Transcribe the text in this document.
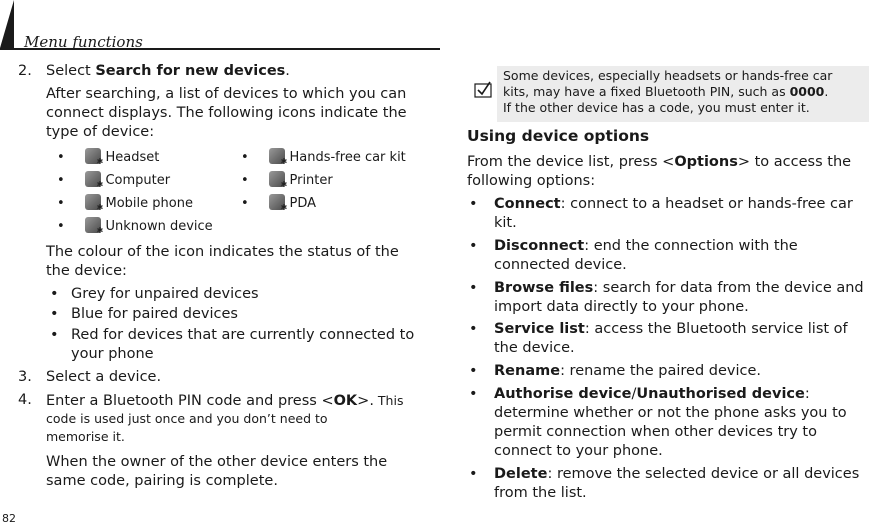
Menu functions
2. Select Search for new devices.
After searching, a list of devices to which you can
connect displays. The following icons indicate the
type of device:
•     ✱ Headset	•     ✱ Hands-free car kit
•     ✱ Computer	•     ✱ Printer
•     ✱ Mobile phone	•     ✱ PDA
•     ✱ Unknown device
The colour of the icon indicates the status of the
the device:
• Grey for unpaired devices
• Blue for paired devices
• Red for devices that are currently connected to
your phone
3. Select a device.
4. Enter a Bluetooth PIN code and press <OK>. This
code is used just once and you don’t need to
memorise it.
When the owner of the other device enters the
same code, pairing is complete.
Some devices, especially headsets or hands-free car
kits, may have a fixed Bluetooth PIN, such as 0000.
If the other device has a code, you must enter it.
Using device options
From the device list, press <Options> to access the
following options:
• Connect: connect to a headset or hands-free car
kit.
• Disconnect: end the connection with the
connected device.
• Browse files: search for data from the device and
import data directly to your phone.
• Service list: access the Bluetooth service list of
the device.
• Rename: rename the paired device.
• Authorise device/Unauthorised device:
determine whether or not the phone asks you to
permit connection when other devices try to
connect to your phone.
• Delete: remove the selected device or all devices
from the list.
82
